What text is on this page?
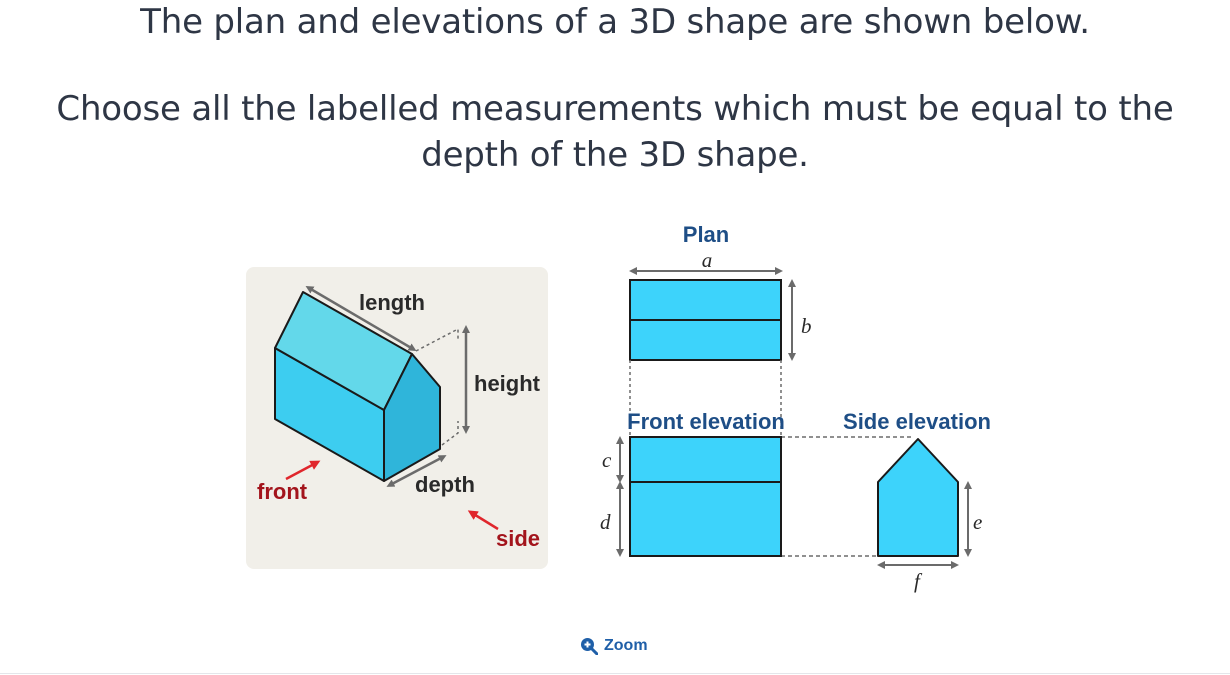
The plan and elevations of a 3D shape are shown below.
Choose all the labelled measurements which must be equal to the depth of the 3D shape.
length
height
depth
front
side
Plan
a
b
Front elevation
c
d
Side elevation
e
f
Zoom
